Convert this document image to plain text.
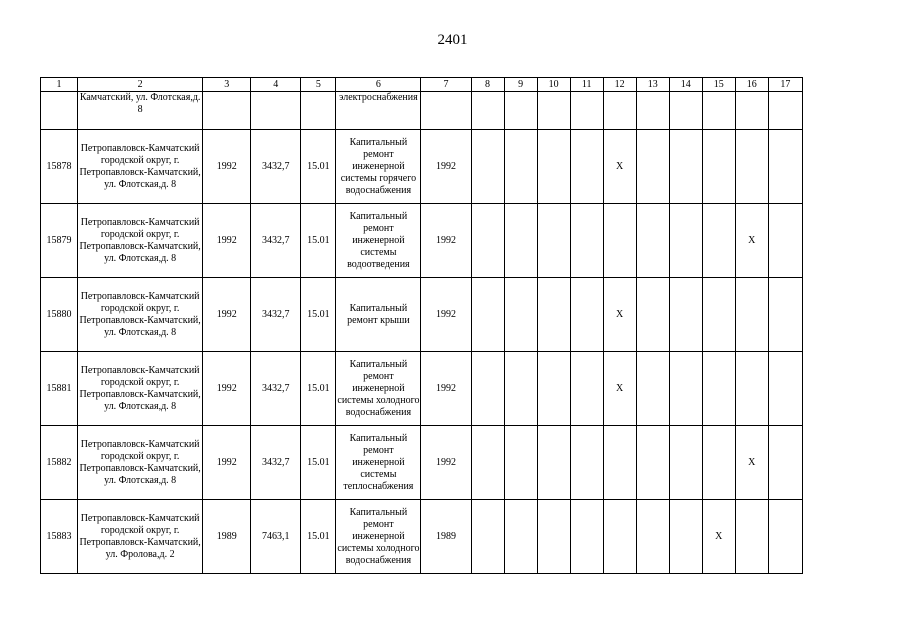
2401
1	2	3	4	5	6	7	8	9	10	11	12	13	14	15	16	17
	Камчатский, ул. Флотская,д. 8				электроснабжения											
15878	Петропавловск-Камчатский городской округ, г. Петропавловск-Камчатский, ул. Флотская,д. 8	1992	3432,7	15.01	Капитальный ремонт инженерной системы горячего водоснабжения	1992					X					
15879	Петропавловск-Камчатский городской округ, г. Петропавловск-Камчатский, ул. Флотская,д. 8	1992	3432,7	15.01	Капитальный ремонт инженерной системы водоотведения	1992									X	
15880	Петропавловск-Камчатский городской округ, г. Петропавловск-Камчатский, ул. Флотская,д. 8	1992	3432,7	15.01	Капитальный ремонт крыши	1992					X					
15881	Петропавловск-Камчатский городской округ, г. Петропавловск-Камчатский, ул. Флотская,д. 8	1992	3432,7	15.01	Капитальный ремонт инженерной системы холодного водоснабжения	1992					X					
15882	Петропавловск-Камчатский городской округ, г. Петропавловск-Камчатский, ул. Флотская,д. 8	1992	3432,7	15.01	Капитальный ремонт инженерной системы теплоснабжения	1992									X	
15883	Петропавловск-Камчатский городской округ, г. Петропавловск-Камчатский, ул. Фролова,д. 2	1989	7463,1	15.01	Капитальный ремонт инженерной системы холодного водоснабжения	1989								X		
